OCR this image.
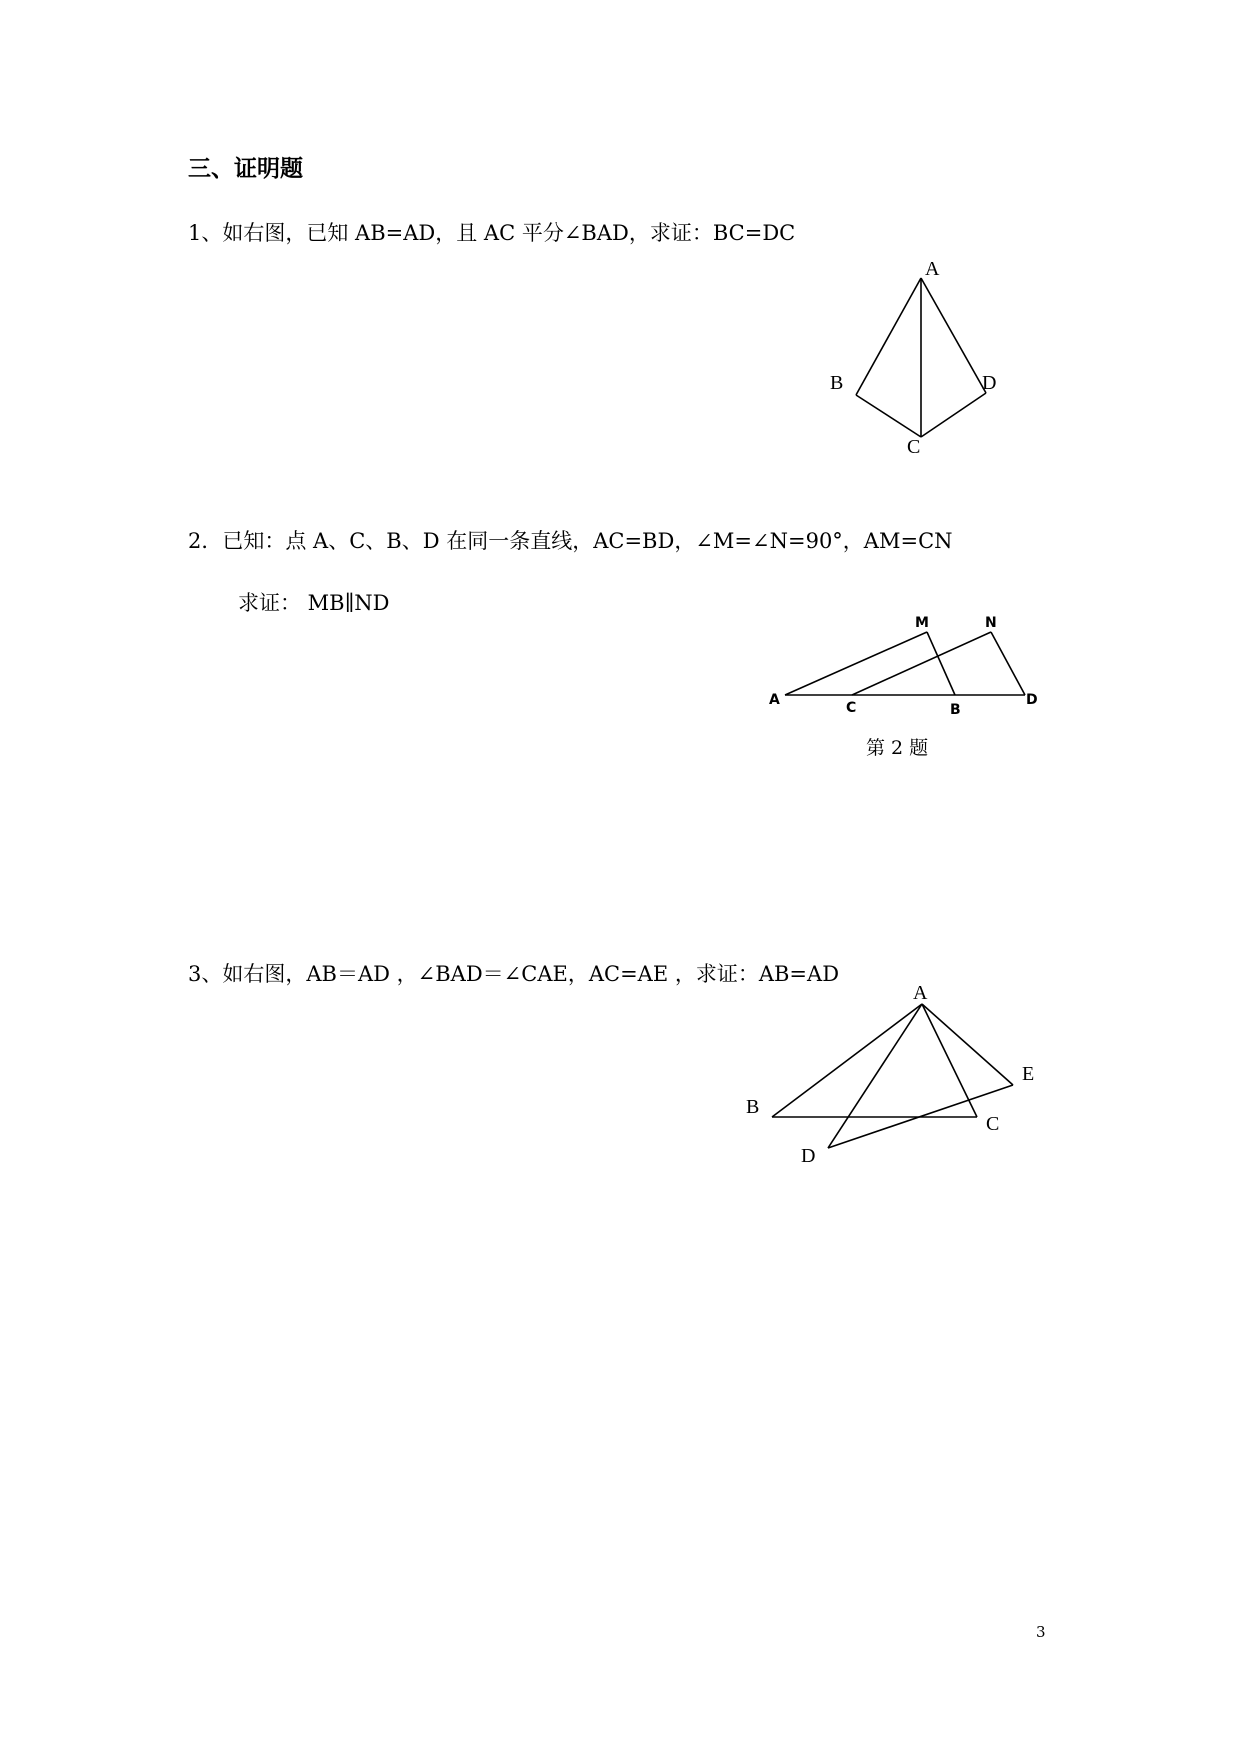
三、证明题
1、如右图，已知 AB=AD，且 AC 平分∠BAD，求证：BC=DC
2．已知：点 A、C、B、D 在同一条直线，AC=BD，∠M=∠N=90°，AM=CN
求证： MB∥ND
第 2 题
3、如右图，AB＝AD ，∠BAD＝∠CAE，AC=AE ，求证：AB=AD
A
B	D
C
A	C	B
D
M	N
A
B
C
D
E
3
